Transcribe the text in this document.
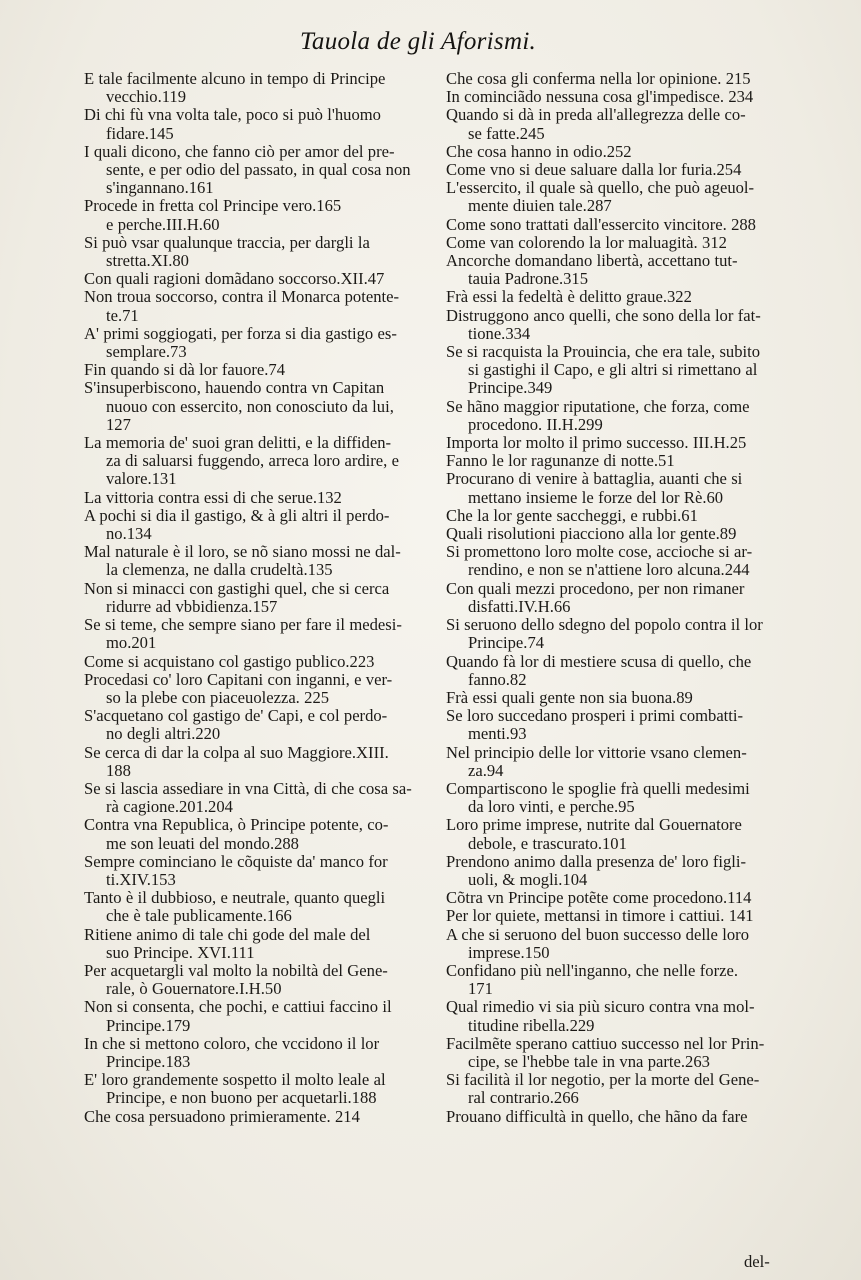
Tauola de gli Aforismi.

E tale facilmente alcuno in tempo di Principe
vecchio.119

Di chi fù vna volta tale, poco si può l'huomo
fidare.145

I quali dicono, che fanno ciò per amor del pre-
sente, e per odio del passato, in qual cosa non
s'ingannano.161

Procede in fretta col Principe vero.165
e perche.III.H.60

Si può vsar qualunque traccia, per dargli la
stretta.XI.80

Con quali ragioni domãdano soccorso.XII.47

Non troua soccorso, contra il Monarca potente-
te.71

A' primi soggiogati, per forza si dia gastigo es-
semplare.73

Fin quando si dà lor fauore.74

S'insuperbiscono, hauendo contra vn Capitan
nuouo con essercito, non conosciuto da lui,
127

La memoria de' suoi gran delitti, e la diffiden-
za di saluarsi fuggendo, arreca loro ardire, e
valore.131

La vittoria contra essi di che serue.132

A pochi si dia il gastigo, & à gli altri il perdo-
no.134

Mal naturale è il loro, se nõ siano mossi ne dal-
la clemenza, ne dalla crudeltà.135

Non si minacci con gastighi quel, che si cerca
ridurre ad vbbidienza.157

Se si teme, che sempre siano per fare il medesi-
mo.201

Come si acquistano col gastigo publico.223

Procedasi co' loro Capitani con inganni, e ver-
so la plebe con piaceuolezza. 225

S'acquetano col gastigo de' Capi, e col perdo-
no degli altri.220

Se cerca di dar la colpa al suo Maggiore.XIII.
188

Se si lascia assediare in vna Città, di che cosa sa-
rà cagione.201.204

Contra vna Republica, ò Principe potente, co-
me son leuati del mondo.288

Sempre cominciano le cõquiste da' manco for
ti.XIV.153

Tanto è il dubbioso, e neutrale, quanto quegli
che è tale publicamente.166

Ritiene animo di tale chi gode del male del
suo Principe. XVI.111

Per acquetargli val molto la nobiltà del Gene-
rale, ò Gouernatore.I.H.50

Non si consenta, che pochi, e cattiui faccino il
Principe.179

In che si mettono coloro, che vccidono il lor
Principe.183

E' loro grandemente sospetto il molto leale al
Principe, e non buono per acquetarli.188

Che cosa persuadono primieramente. 214

Che cosa gli conferma nella lor opinione. 215

In cominciãdo nessuna cosa gl'impedisce. 234

Quando si dà in preda all'allegrezza delle co-
se fatte.245

Che cosa hanno in odio.252

Come vno si deue saluare dalla lor furia.254

L'essercito, il quale sà quello, che può ageuol-
mente diuien tale.287

Come sono trattati dall'essercito vincitore. 288

Come van colorendo la lor maluagità. 312

Ancorche domandano libertà, accettano tut-
tauia Padrone.315

Frà essi la fedeltà è delitto graue.322

Distruggono anco quelli, che sono della lor fat-
tione.334

Se si racquista la Prouincia, che era tale, subito
si gastighi il Capo, e gli altri si rimettano al
Principe.349

Se hãno maggior riputatione, che forza, come
procedono. II.H.299

Importa lor molto il primo successo. III.H.25

Fanno le lor ragunanze di notte.51

Procurano di venire à battaglia, auanti che si
mettano insieme le forze del lor Rè.60

Che la lor gente saccheggi, e rubbi.61

Quali risolutioni piacciono alla lor gente.89

Si promettono loro molte cose, accioche si ar-
rendino, e non se n'attiene loro alcuna.244

Con quali mezzi procedono, per non rimaner
disfatti.IV.H.66

Si seruono dello sdegno del popolo contra il lor
Principe.74

Quando fà lor di mestiere scusa di quello, che
fanno.82

Frà essi quali gente non sia buona.89

Se loro succedano prosperi i primi combatti-
menti.93

Nel principio delle lor vittorie vsano clemen-
za.94

Compartiscono le spoglie frà quelli medesimi
da loro vinti, e perche.95

Loro prime imprese, nutrite dal Gouernatore
debole, e trascurato.101

Prendono animo dalla presenza de' loro figli-
uoli, & mogli.104

Cõtra vn Principe potẽte come procedono.114

Per lor quiete, mettansi in timore i cattiui. 141

A che si seruono del buon successo delle loro
imprese.150

Confidano più nell'inganno, che nelle forze.
171

Qual rimedio vi sia più sicuro contra vna mol-
titudine ribella.229

Facilmẽte sperano cattiuo successo nel lor Prin-
cipe, se l'hebbe tale in vna parte.263

Si facilità il lor negotio, per la morte del Gene-
ral contrario.266

Prouano difficultà in quello, che hãno da fare

del-
